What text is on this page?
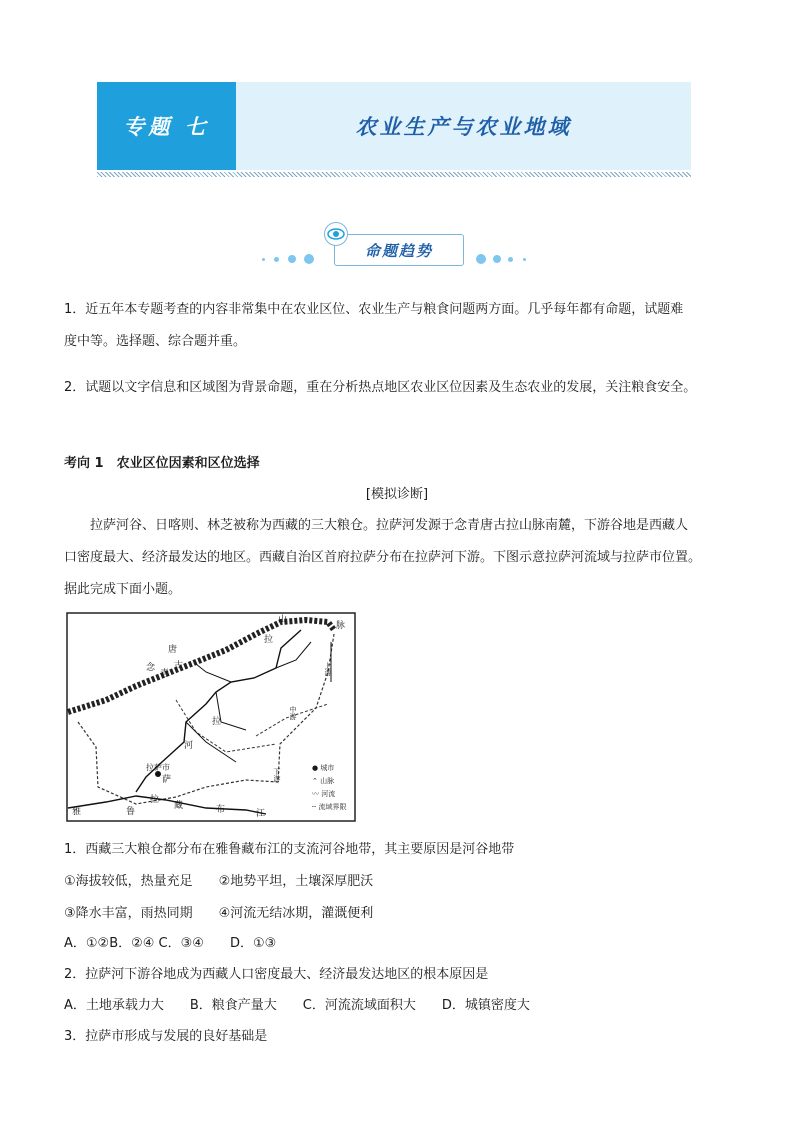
专题 七	农业生产与农业地域
命题趋势
1．近五年本专题考查的内容非常集中在农业区位、农业生产与粮食问题两方面。几乎每年都有命题，试题难
度中等。选择题、综合题并重。
2．试题以文字信息和区域图为背景命题，重在分析热点地区农业区位因素及生态农业的发展，关注粮食安全。
考向 1　农业区位因素和区位选择
[模拟诊断]
拉萨河谷、日喀则、林芝被称为西藏的三大粮仓。拉萨河发源于念青唐古拉山脉南麓，下游谷地是西藏人
口密度最大、经济最发达的地区。西藏自治区首府拉萨分布在拉萨河下游。下图示意拉萨河流域与拉萨市位置。
据此完成下面小题。
念
青
唐
古
拉
山
脉
拉
河
拉萨市
萨
拉
雅	鲁
藏	布	江
上游
中游
下游	● 城市
⌃ 山脉
〰 河流
┄ 流域界限
1．西藏三大粮仓都分布在雅鲁藏布江的支流河谷地带，其主要原因是河谷地带
①海拔较低，热量充足　　②地势平坦，土壤深厚肥沃
③降水丰富，雨热同期　　④河流无结冰期，灌溉便利
A．①②B．②④ C．③④　　D．①③
2．拉萨河下游谷地成为西藏人口密度最大、经济最发达地区的根本原因是
A．土地承载力大　　B．粮食产量大　　C．河流流域面积大　　D．城镇密度大
3．拉萨市形成与发展的良好基础是
